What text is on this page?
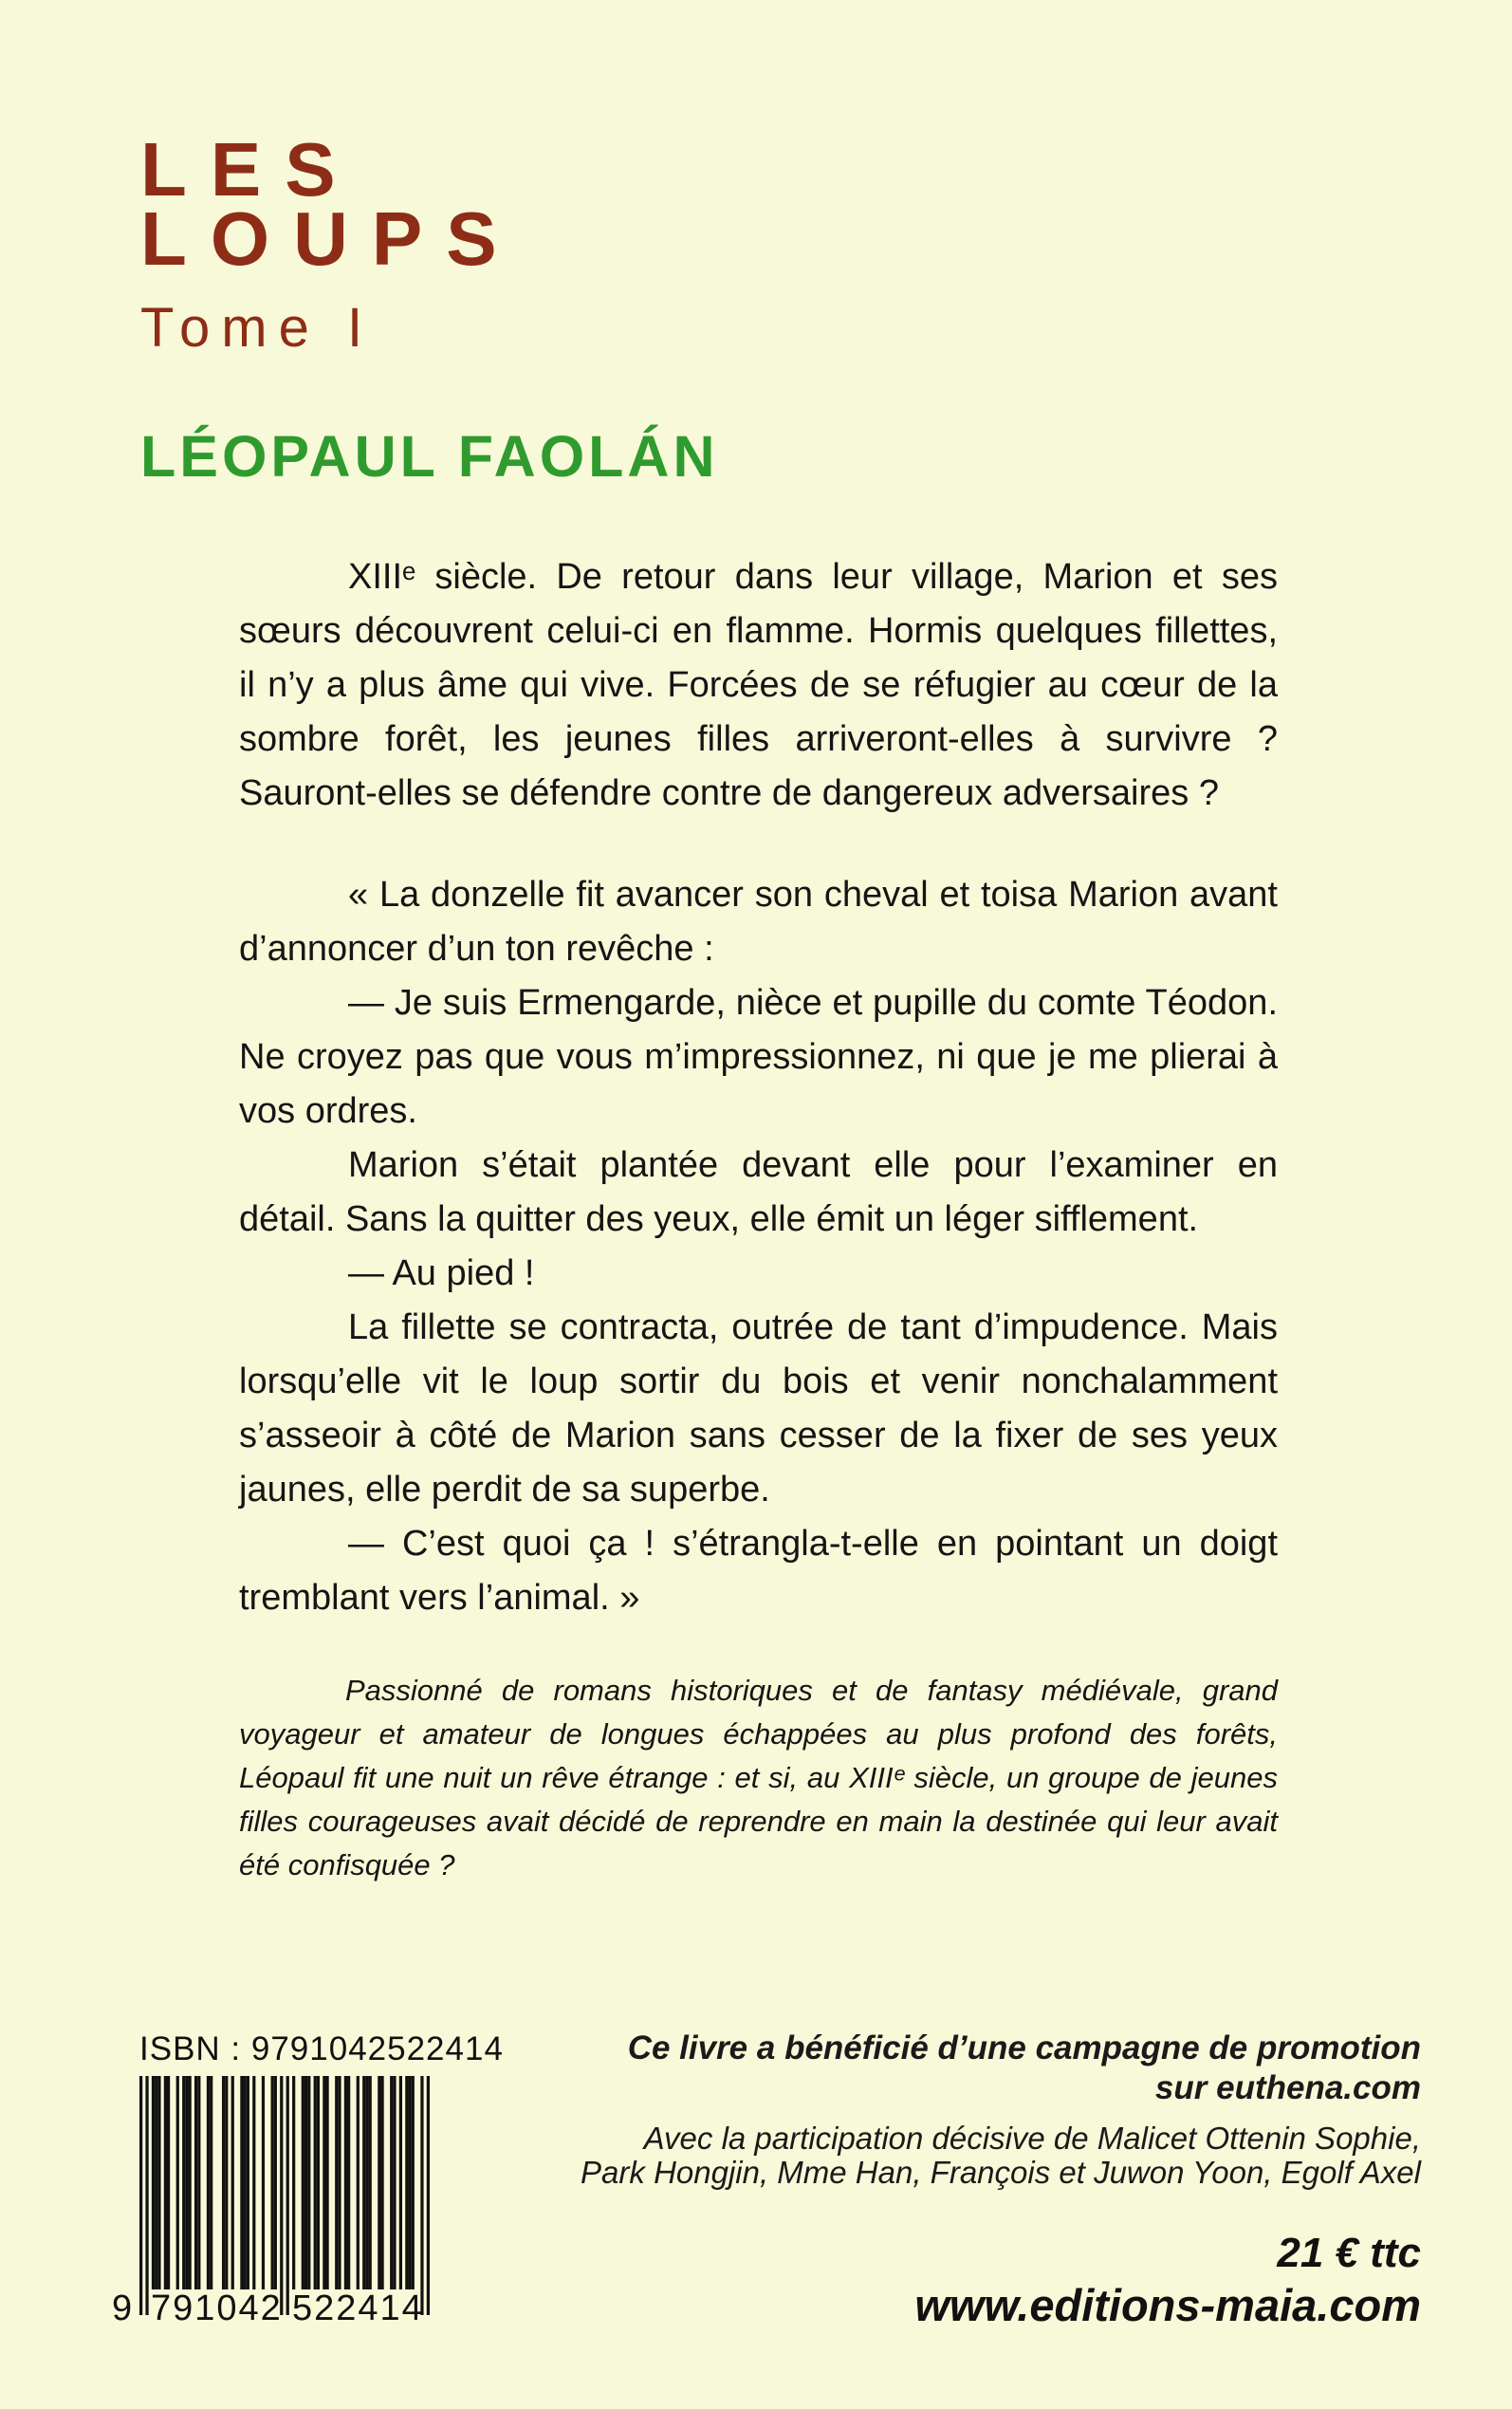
LES
LOUPS
Tome I
LÉOPAUL FAOLÁN

XIIIᵉ siècle. De retour dans leur village, Marion et ses sœurs découvrent celui-ci en flamme. Hormis quelques fillettes, il n’y a plus âme qui vive. Forcées de se réfugier au cœur de la sombre forêt, les jeunes filles arriveront-elles à survivre ? Sauront-elles se défendre contre de dangereux adversaires ?

« La donzelle fit avancer son cheval et toisa Marion avant d’annoncer d’un ton revêche :

— Je suis Ermengarde, nièce et pupille du comte Téodon. Ne croyez pas que vous m’impressionnez, ni que je me plierai à vos ordres.

Marion s’était plantée devant elle pour l’examiner en détail. Sans la quitter des yeux, elle émit un léger sifflement.

— Au pied !

La fillette se contracta, outrée de tant d’impudence. Mais lorsqu’elle vit le loup sortir du bois et venir nonchalamment s’asseoir à côté de Marion sans cesser de la fixer de ses yeux jaunes, elle perdit de sa superbe.

— C’est quoi ça ! s’étrangla-t-elle en pointant un doigt tremblant vers l’animal. »

Passionné de romans historiques et de fantasy médiévale, grand voyageur et amateur de longues échappées au plus profond des forêts, Léopaul fit une nuit un rêve étrange : et si, au XIIIᵉ siècle, un groupe de jeunes filles courageuses avait décidé de reprendre en main la destinée qui leur avait été confisquée ?

ISBN : 9791042522414
9 791042 522414
Ce livre a bénéficié d’une campagne de promotion
sur euthena.com
Avec la participation décisive de Malicet Ottenin Sophie,
Park Hongjin, Mme Han, François et Juwon Yoon, Egolf Axel
21 € ttc
www.editions-maia.com
